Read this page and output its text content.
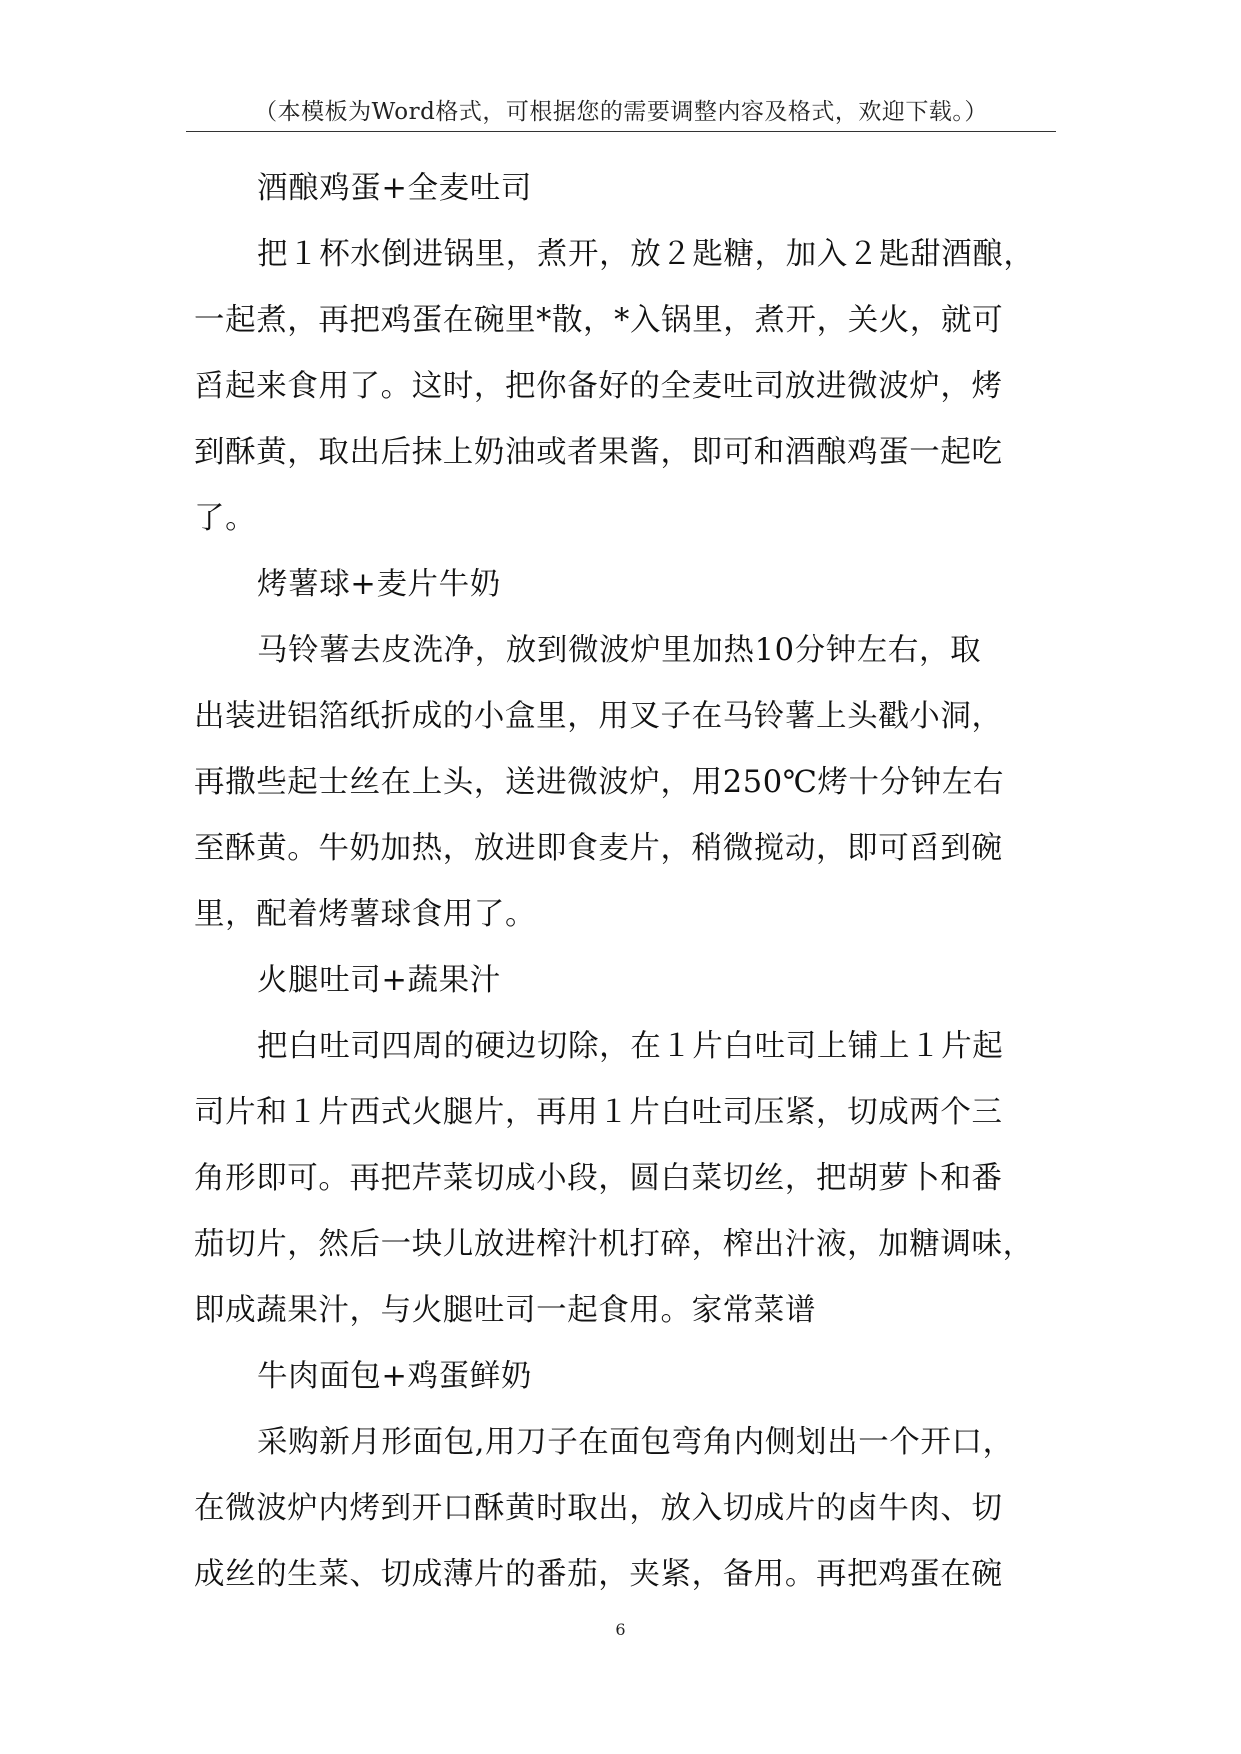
（本模板为Word格式，可根据您的需要调整内容及格式，欢迎下载。）
酒酿鸡蛋+全麦吐司
把１杯水倒进锅里，煮开，放２匙糖，加入２匙甜酒酿，
一起煮，再把鸡蛋在碗里*散，*入锅里，煮开，关火，就可
舀起来食用了。这时，把你备好的全麦吐司放进微波炉，烤
到酥黄，取出后抹上奶油或者果酱，即可和酒酿鸡蛋一起吃
了。
烤薯球+麦片牛奶
马铃薯去皮洗净，放到微波炉里加热10分钟左右，取
出装进铝箔纸折成的小盒里，用叉子在马铃薯上头戳小洞，
再撒些起士丝在上头，送进微波炉，用250℃烤十分钟左右
至酥黄。牛奶加热，放进即食麦片，稍微搅动，即可舀到碗
里，配着烤薯球食用了。
火腿吐司+蔬果汁
把白吐司四周的硬边切除，在１片白吐司上铺上１片起
司片和１片西式火腿片，再用１片白吐司压紧，切成两个三
角形即可。再把芹菜切成小段，圆白菜切丝，把胡萝卜和番
茄切片，然后一块儿放进榨汁机打碎，榨出汁液，加糖调味，
即成蔬果汁，与火腿吐司一起食用。家常菜谱
牛肉面包+鸡蛋鲜奶
采购新月形面包,用刀子在面包弯角内侧划出一个开口，
在微波炉内烤到开口酥黄时取出，放入切成片的卤牛肉、切
成丝的生菜、切成薄片的番茄，夹紧，备用。再把鸡蛋在碗
6
